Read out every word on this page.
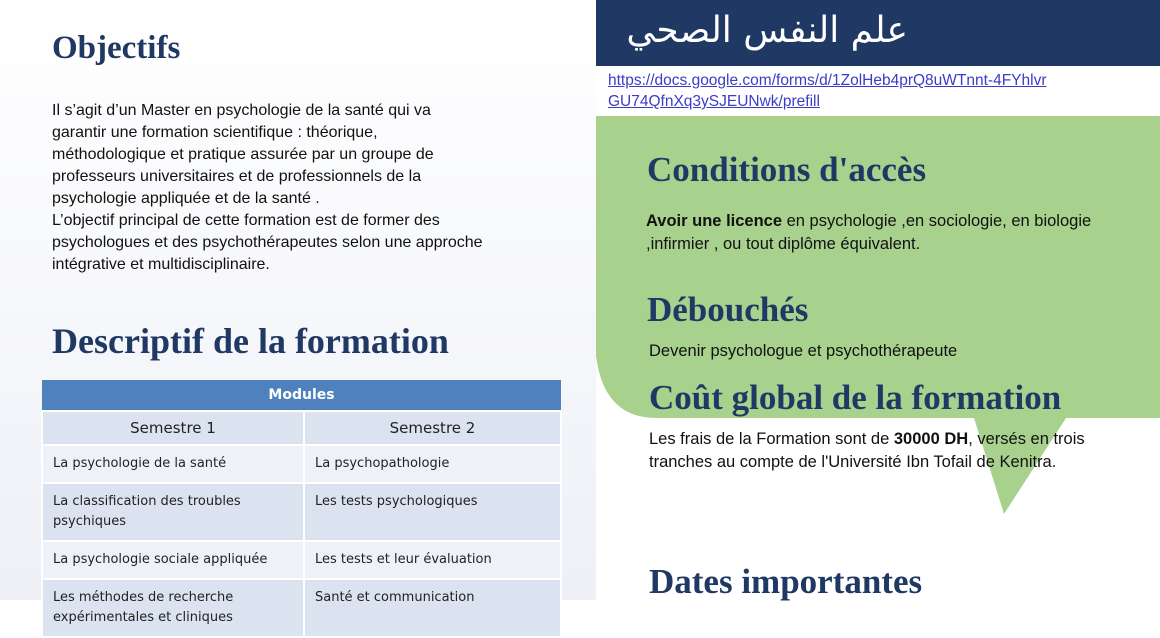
Objectifs

Il s’agit d’un Master en psychologie de la santé qui va
garantir une formation scientifique : théorique,
méthodologique et pratique assurée par un groupe de
professeurs universitaires et de professionnels de la
psychologie appliquée et de la santé .
L’objectif principal de cette formation est de former des
psychologues et des psychothérapeutes selon une approche
intégrative et multidisciplinaire.

Descriptif de la formation
Modules	
Semestre 1	Semestre 2
La psychologie de la santé	La psychopathologie
La classification des troubles psychiques	Les tests psychologiques
La psychologie sociale appliquée	Les tests et leur évaluation
Les méthodes de recherche expérimentales et cliniques	Santé et communication

علم النفس الصحي

https://docs.google.com/forms/d/1ZolHeb4prQ8uWTnnt-4FYhlvrGU74QfnXq3ySJEUNwk/prefill
Conditions d'accès

Avoir une licence en psychologie ,en sociologie, en biologie ,infirmier , ou tout diplôme équivalent.

Débouchés

Devenir psychologue et psychothérapeute

Coût global de la formation

Les frais de la Formation sont de 30000 DH, versés en trois tranches au compte de l'Université Ibn Tofail de Kenitra.

Dates importantes
